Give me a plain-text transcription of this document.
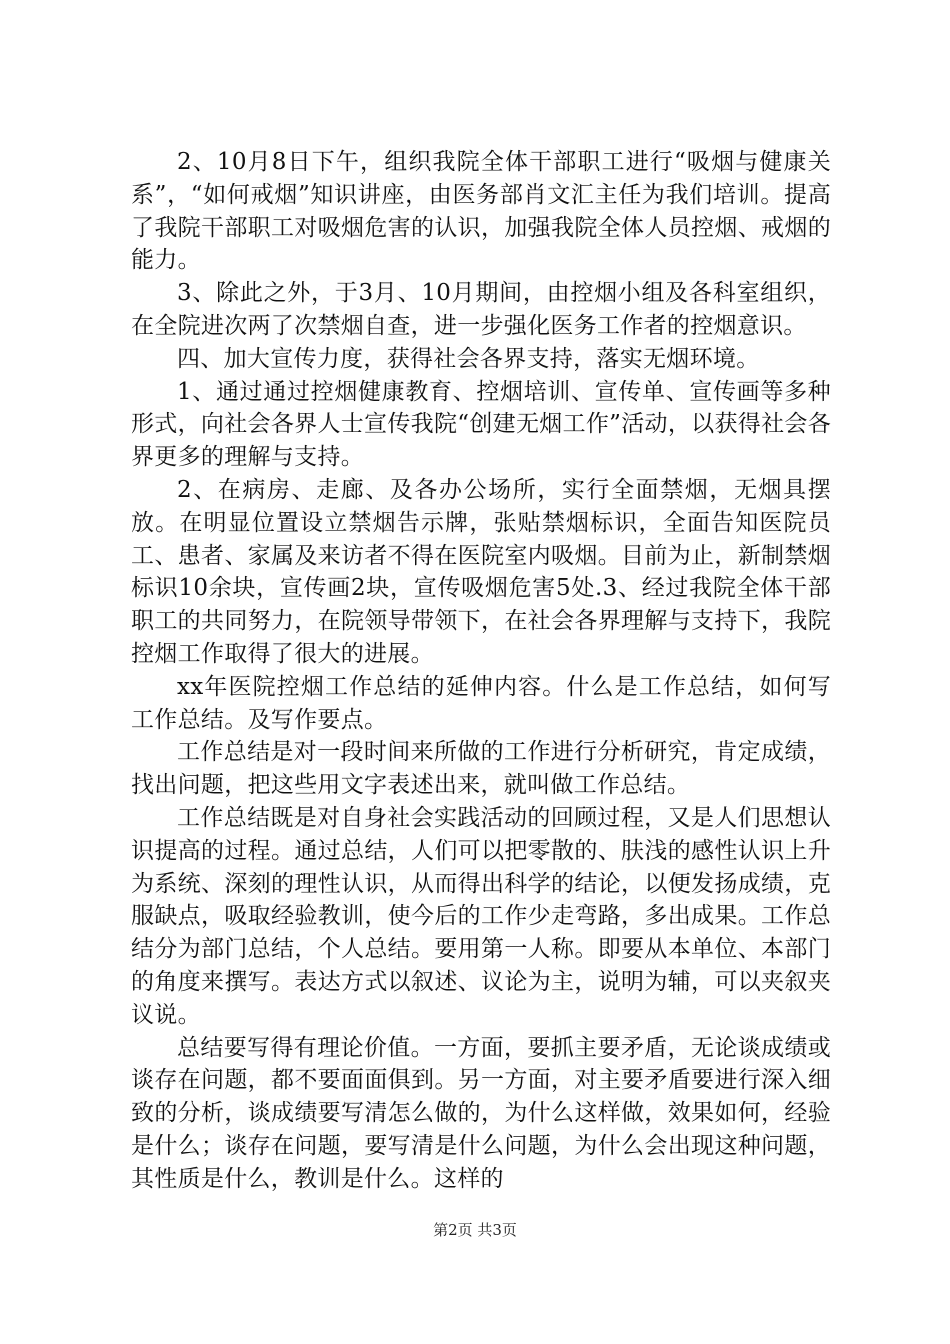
2、10月8日下午，组织我院全体干部职工进行“吸烟与健康关系”，“如何戒烟”知识讲座，由医务部肖文汇主任为我们培训。提高了我院干部职工对吸烟危害的认识，加强我院全体人员控烟、戒烟的能力。

3、除此之外，于3月、10月期间，由控烟小组及各科室组织，在全院进次两了次禁烟自查，进一步强化医务工作者的控烟意识。

四、加大宣传力度，获得社会各界支持，落实无烟环境。

1、通过通过控烟健康教育、控烟培训、宣传单、宣传画等多种形式，向社会各界人士宣传我院“创建无烟工作”活动，以获得社会各界更多的理解与支持。

2、在病房、走廊、及各办公场所，实行全面禁烟，无烟具摆放。在明显位置设立禁烟告示牌，张贴禁烟标识，全面告知医院员工、患者、家属及来访者不得在医院室内吸烟。目前为止，新制禁烟标识10余块，宣传画2块，宣传吸烟危害5处.3、经过我院全体干部职工的共同努力，在院领导带领下，在社会各界理解与支持下，我院控烟工作取得了很大的进展。

xx年医院控烟工作总结的延伸内容。什么是工作总结，如何写工作总结。及写作要点。

工作总结是对一段时间来所做的工作进行分析研究，肯定成绩，找出问题，把这些用文字表述出来，就叫做工作总结。

工作总结既是对自身社会实践活动的回顾过程，又是人们思想认识提高的过程。通过总结，人们可以把零散的、肤浅的感性认识上升为系统、深刻的理性认识，从而得出科学的结论，以便发扬成绩，克服缺点，吸取经验教训，使今后的工作少走弯路，多出成果。工作总结分为部门总结，个人总结。要用第一人称。即要从本单位、本部门的角度来撰写。表达方式以叙述、议论为主，说明为辅，可以夹叙夹议说。

总结要写得有理论价值。一方面，要抓主要矛盾，无论谈成绩或谈存在问题，都不要面面俱到。另一方面，对主要矛盾要进行深入细致的分析，谈成绩要写清怎么做的，为什么这样做，效果如何，经验是什么；谈存在问题，要写清是什么问题，为什么会出现这种问题，其性质是什么，教训是什么。这样的

第2页 共3页
